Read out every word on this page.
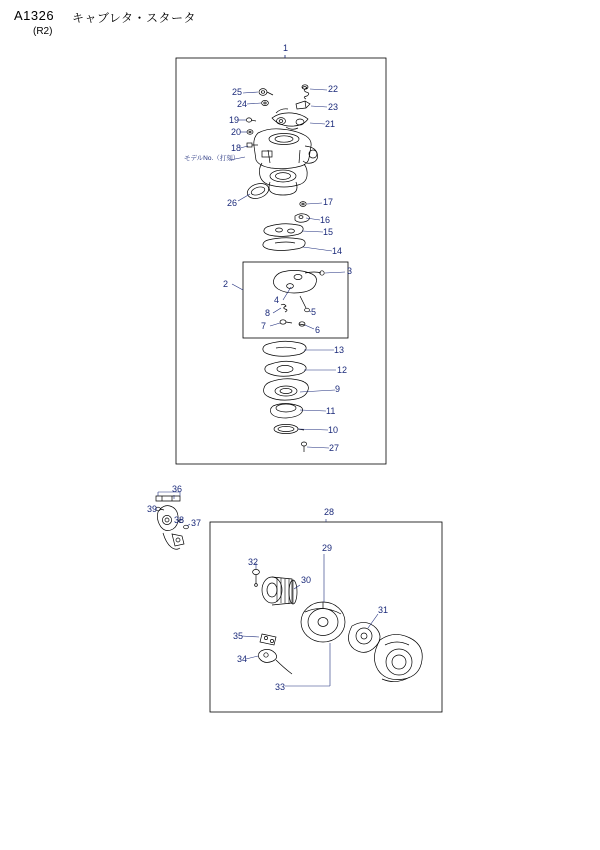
A1326 キャブレタ・スタータ
(R2)
1
2
3
4
5
6
7
8
9
10
11
12
13
14
15
16
17
18
19
20
21
22
23
24
25
26
27
28
29
30
31
32
33
34
35
36
37
38
39
モデルNo.（打刻）
